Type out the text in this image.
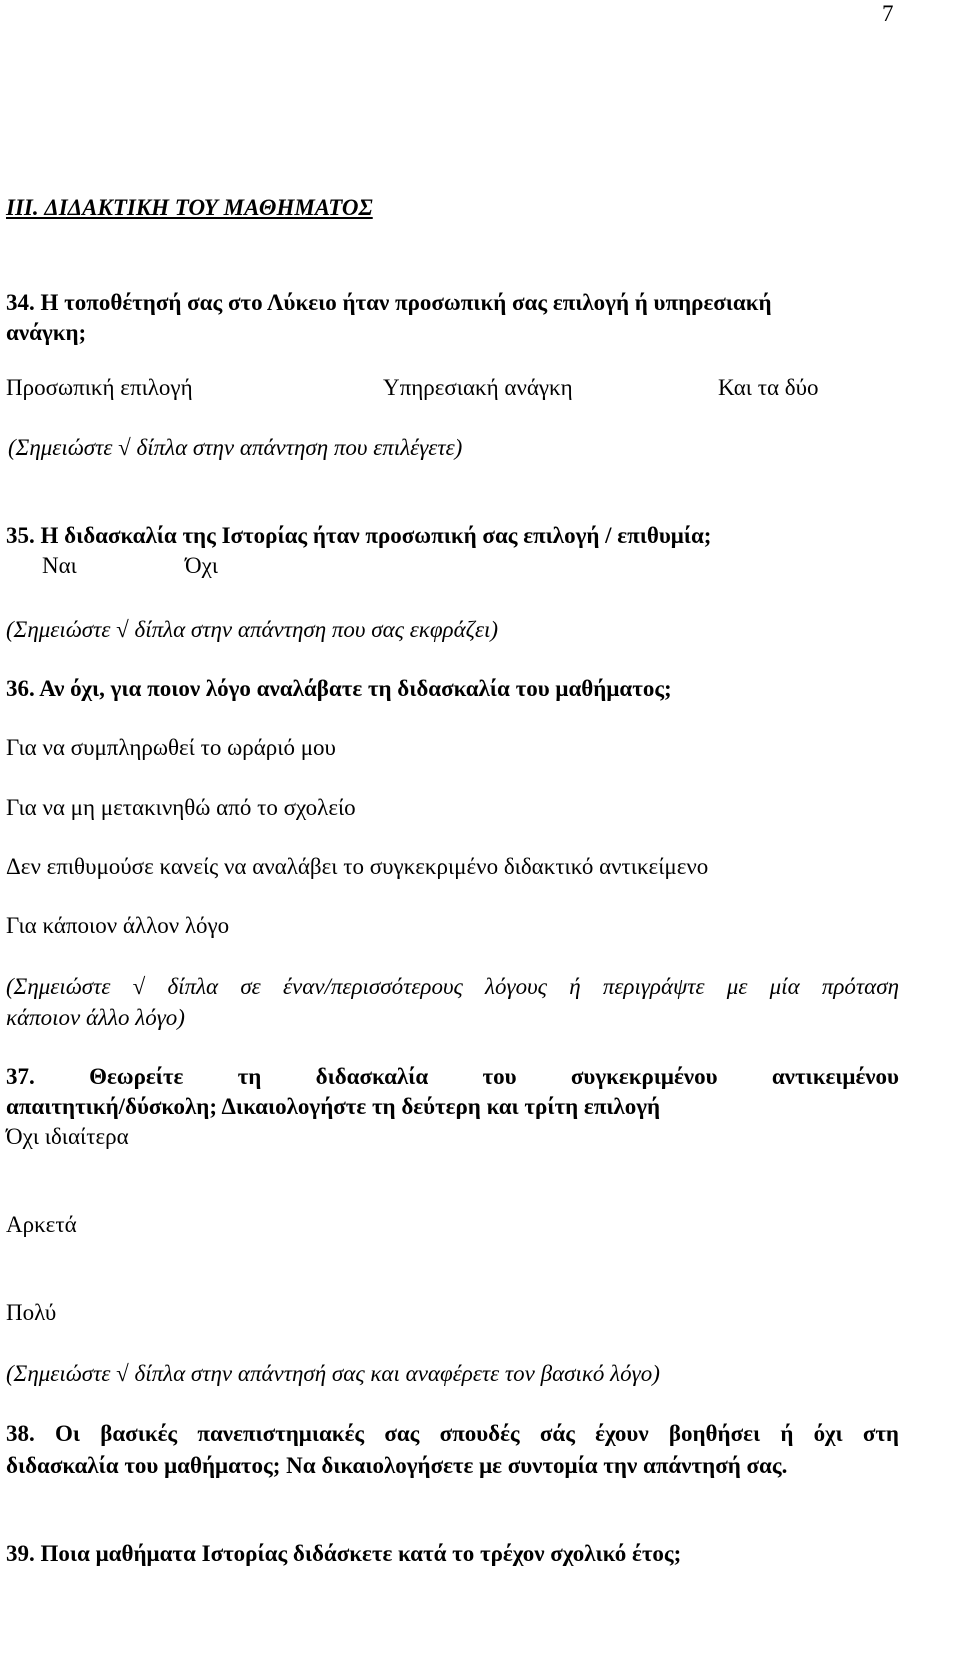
7
III. ΔΙΔΑΚΤΙΚΗ ΤΟΥ ΜΑΘΗΜΑΤΟΣ
34. Η τοποθέτησή σας στο Λύκειο ήταν προσωπική σας επιλογή ή υπηρεσιακή
ανάγκη;
Προσωπική επιλογή	Υπηρεσιακή ανάγκη	Και τα δύο
(Σημειώστε √ δίπλα στην απάντηση που επιλέγετε)
35. Η διδασκαλία της Ιστορίας ήταν προσωπική σας επιλογή / επιθυμία;
Ναι	Όχι
(Σημειώστε √ δίπλα στην απάντηση που σας εκφράζει)
36. Αν όχι, για ποιον λόγο αναλάβατε τη διδασκαλία του μαθήματος;
Για να συμπληρωθεί το ωράριό μου
Για να μη μετακινηθώ από το σχολείο
Δεν επιθυμούσε κανείς να αναλάβει το συγκεκριμένο διδακτικό αντικείμενο
Για κάποιον άλλον λόγο
(Σημειώστε √ δίπλα σε έναν/περισσότερους λόγους ή περιγράψτε με μία πρόταση
κάποιον άλλο λόγο)
37. Θεωρείτε τη διδασκαλία του συγκεκριμένου αντικειμένου
απαιτητική/δύσκολη; Δικαιολογήστε τη δεύτερη και τρίτη επιλογή
Όχι ιδιαίτερα
Αρκετά
Πολύ
(Σημειώστε √ δίπλα στην απάντησή σας και αναφέρετε τον βασικό λόγο)
38. Οι βασικές πανεπιστημιακές σας σπουδές σάς έχουν βοηθήσει ή όχι στη
διδασκαλία του μαθήματος; Να δικαιολογήσετε με συντομία την απάντησή σας.
39. Ποια μαθήματα Ιστορίας διδάσκετε κατά το τρέχον σχολικό έτος;
